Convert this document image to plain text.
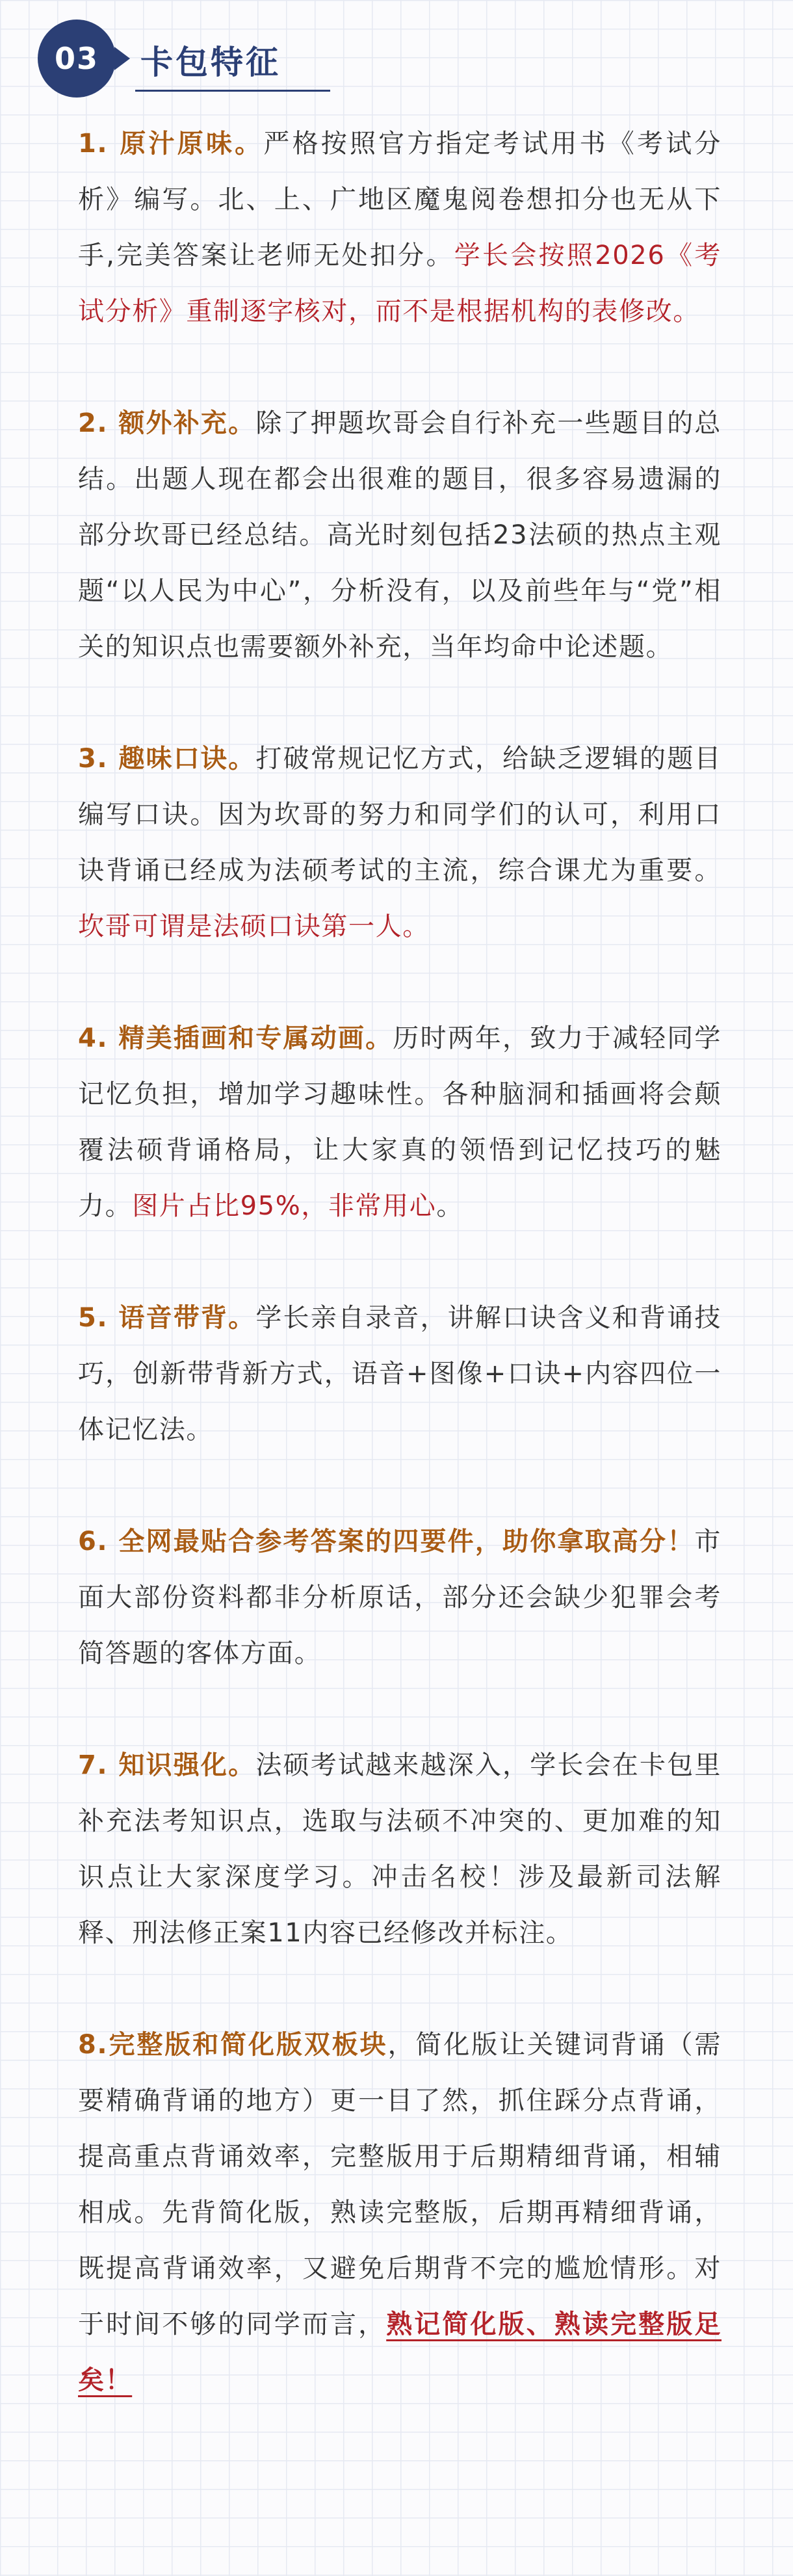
03	卡包特征

1. 原汁原味。严格按照官方指定考试用书《考试分析》编写。北、上、广地区魔鬼阅卷想扣分也无从下手,完美答案让老师无处扣分。学长会按照2026《考试分析》重制逐字核对，而不是根据机构的表修改。

2. 额外补充。除了押题坎哥会自行补充一些题目的总结。出题人现在都会出很难的题目，很多容易遗漏的部分坎哥已经总结。高光时刻包括23法硕的热点主观题“以人民为中心”，分析没有，以及前些年与“党”相关的知识点也需要额外补充，当年均命中论述题。

3. 趣味口诀。打破常规记忆方式，给缺乏逻辑的题目编写口诀。因为坎哥的努力和同学们的认可，利用口诀背诵已经成为法硕考试的主流，综合课尤为重要。坎哥可谓是法硕口诀第一人。

4. 精美插画和专属动画。历时两年，致力于减轻同学记忆负担，增加学习趣味性。各种脑洞和插画将会颠覆法硕背诵格局，让大家真的领悟到记忆技巧的魅力。图片占比95%，非常用心。

5. 语音带背。学长亲自录音，讲解口诀含义和背诵技巧，创新带背新方式，语音+图像+口诀+内容四位一体记忆法。

6. 全网最贴合参考答案的四要件，助你拿取高分！市面大部份资料都非分析原话，部分还会缺少犯罪会考简答题的客体方面。

7. 知识强化。法硕考试越来越深入，学长会在卡包里补充法考知识点，选取与法硕不冲突的、更加难的知识点让大家深度学习。冲击名校！涉及最新司法解释、刑法修正案11内容已经修改并标注。

8.完整版和简化版双板块，简化版让关键词背诵（需要精确背诵的地方）更一目了然，抓住踩分点背诵，提高重点背诵效率，完整版用于后期精细背诵，相辅相成。先背简化版，熟读完整版，后期再精细背诵，既提高背诵效率，又避免后期背不完的尴尬情形。对于时间不够的同学而言，熟记简化版、熟读完整版足矣！
